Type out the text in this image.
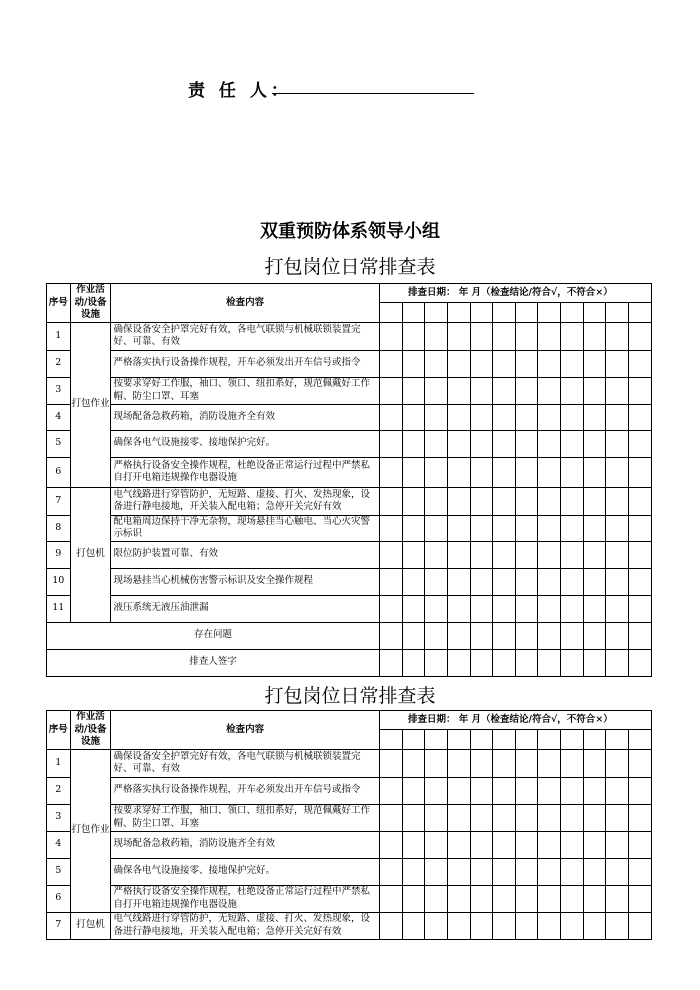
责 任 人：
双重预防体系领导小组
打包岗位日常排查表
打包岗位日常排查表
序号	作业活动/设备设施	检查内容	排查日期： 年 月（检查结论/符合√，不符合×）											

1	打包作业	确保设备安全护罩完好有效，各电气联锁与机械联锁装置完好、可靠、有效												
2		严格落实执行设备操作规程，开车必须发出开车信号或指令												
3		按要求穿好工作服，袖口、领口、纽扣系好，规范佩戴好工作帽、防尘口罩、耳塞												
4		现场配备急救药箱，消防设施齐全有效												
5		确保各电气设施接零、接地保护完好。												
6		严格执行设备安全操作规程，杜绝设备正常运行过程中严禁私自打开电箱违规操作电器设施												
7	打包机	电气线路进行穿管防护，无短路、虚接、打火、发热现象，设备进行静电接地，开关装入配电箱；急停开关完好有效												
8		配电箱周边保持干净无杂物，现场悬挂当心触电、当心火灾警示标识												
9		限位防护装置可靠、有效												
10		现场悬挂当心机械伤害警示标识及安全操作规程												
11		液压系统无液压油泄漏												
存在问题														
排查人签字														
序号	作业活动/设备设施	检查内容	排查日期： 年 月（检查结论/符合√，不符合×）											

1	打包作业	确保设备安全护罩完好有效，各电气联锁与机械联锁装置完好、可靠、有效												
2		严格落实执行设备操作规程，开车必须发出开车信号或指令												
3		按要求穿好工作服，袖口、领口、纽扣系好，规范佩戴好工作帽、防尘口罩、耳塞												
4		现场配备急救药箱，消防设施齐全有效												
5		确保各电气设施接零、接地保护完好。												
6		严格执行设备安全操作规程，杜绝设备正常运行过程中严禁私自打开电箱违规操作电器设施												
7	打包机	电气线路进行穿管防护，无短路、虚接、打火、发热现象，设备进行静电接地，开关装入配电箱；急停开关完好有效												
